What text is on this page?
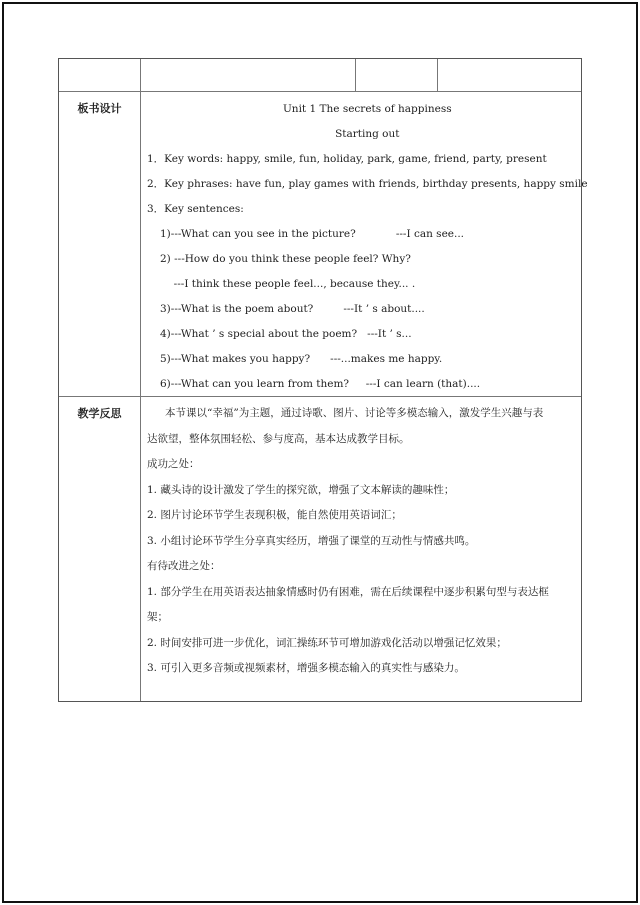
板书设计	Unit 1 The secrets of happiness
Starting out
1．Key words: happy, smile, fun, holiday, park, game, friend, party, present
2．Key phrases: have fun, play games with friends, birthday presents, happy smile
3．Key sentences:
1)---What can you see in the picture?            ---I can see...
2) ---How do you think these people feel? Why?
---I think these people feel..., because they... .
3)---What is the poem about?         ---It ’ s about....
4)---What ’ s special about the poem?   ---It ’ s...
5)---What makes you happy?      ---...makes me happy.
6)---What can you learn from them?     ---I can learn (that)....
教学反思	本节课以“幸福”为主题，通过诗歌、图片、讨论等多模态输入，激发学生兴趣与表
达欲望，整体氛围轻松、参与度高，基本达成教学目标。
成功之处：
1. 藏头诗的设计激发了学生的探究欲，增强了文本解读的趣味性；
2. 图片讨论环节学生表现积极，能自然使用英语词汇；
3. 小组讨论环节学生分享真实经历，增强了课堂的互动性与情感共鸣。
有待改进之处：
1. 部分学生在用英语表达抽象情感时仍有困难，需在后续课程中逐步积累句型与表达框
架；
2. 时间安排可进一步优化，词汇操练环节可增加游戏化活动以增强记忆效果；
3. 可引入更多音频或视频素材，增强多模态输入的真实性与感染力。
